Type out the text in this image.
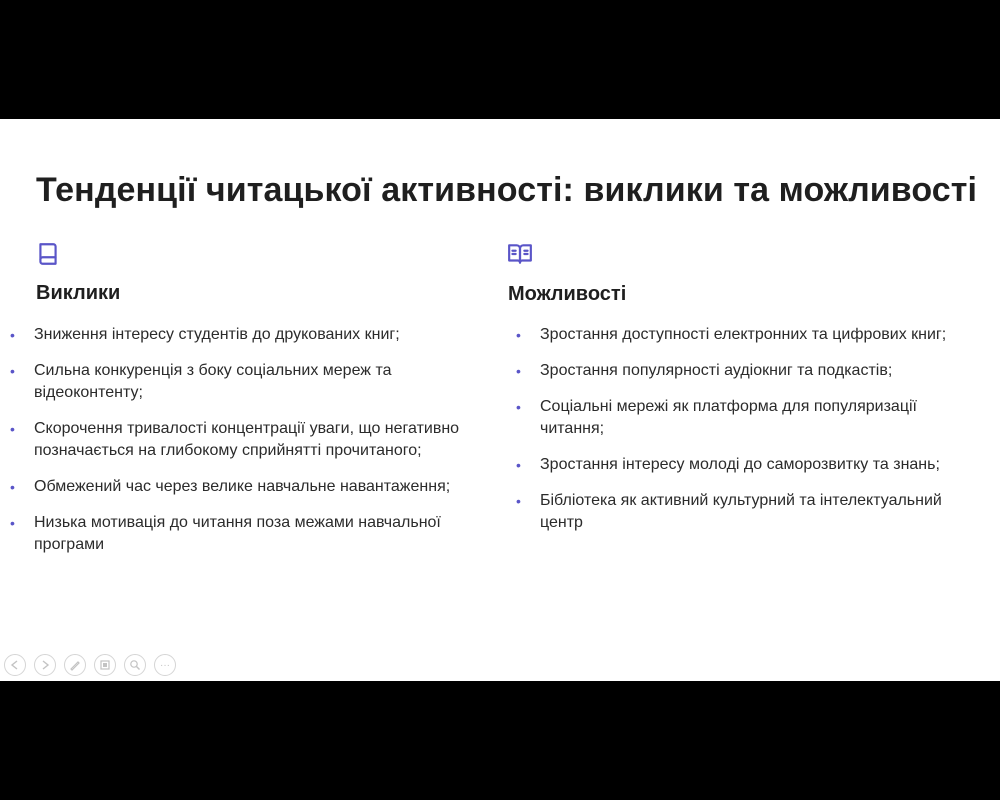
Тенденції читацької активності: виклики та можливості
Виклики
• Зниження інтересу студентів до друкованих книг;
• Сильна конкуренція з боку соціальних мереж та відеоконтенту;
• Скорочення тривалості концентрації уваги, що негативно позначається на глибокому сприйнятті прочитаного;
• Обмежений час через велике навчальне навантаження;
• Низька мотивація до читання поза межами навчальної програми
Можливості
• Зростання доступності електронних та цифрових книг;
• Зростання популярності аудіокниг та подкастів;
• Соціальні мережі як платформа для популяризації читання;
• Зростання інтересу молоді до саморозвитку та знань;
• Бібліотека як активний культурний та інтелектуальний центр
···
